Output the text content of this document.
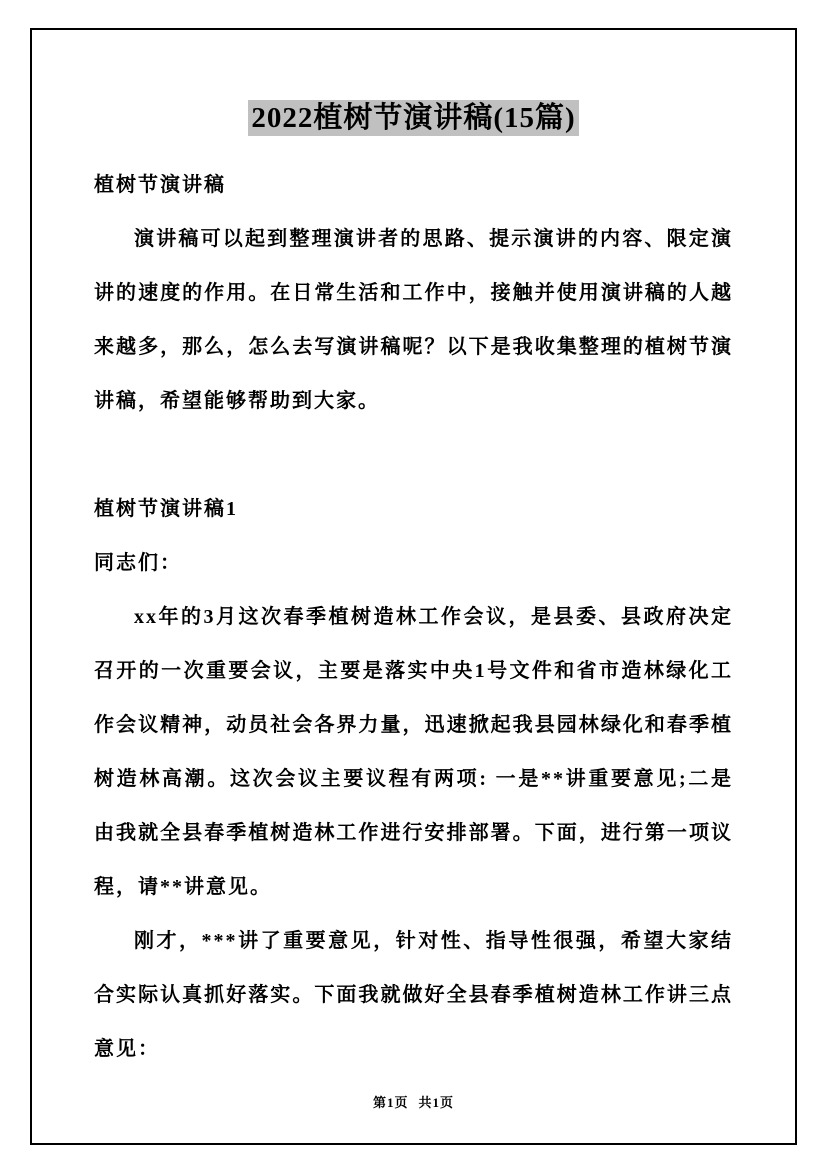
2022植树节演讲稿(15篇)

植树节演讲稿

演讲稿可以起到整理演讲者的思路、提示演讲的内容、限定演讲的速度的作用。在日常生活和工作中，接触并使用演讲稿的人越来越多，那么，怎么去写演讲稿呢？以下是我收集整理的植树节演讲稿，希望能够帮助到大家。

植树节演讲稿1

同志们：

xx年的3月这次春季植树造林工作会议，是县委、县政府决定召开的一次重要会议，主要是落实中央1号文件和省市造林绿化工作会议精神，动员社会各界力量，迅速掀起我县园林绿化和春季植树造林高潮。这次会议主要议程有两项: 一是**讲重要意见;二是由我就全县春季植树造林工作进行安排部署。下面，进行第一项议程，请**讲意见。

刚才，***讲了重要意见，针对性、指导性很强，希望大家结合实际认真抓好落实。下面我就做好全县春季植树造林工作讲三点意见：

第1页 共1页
